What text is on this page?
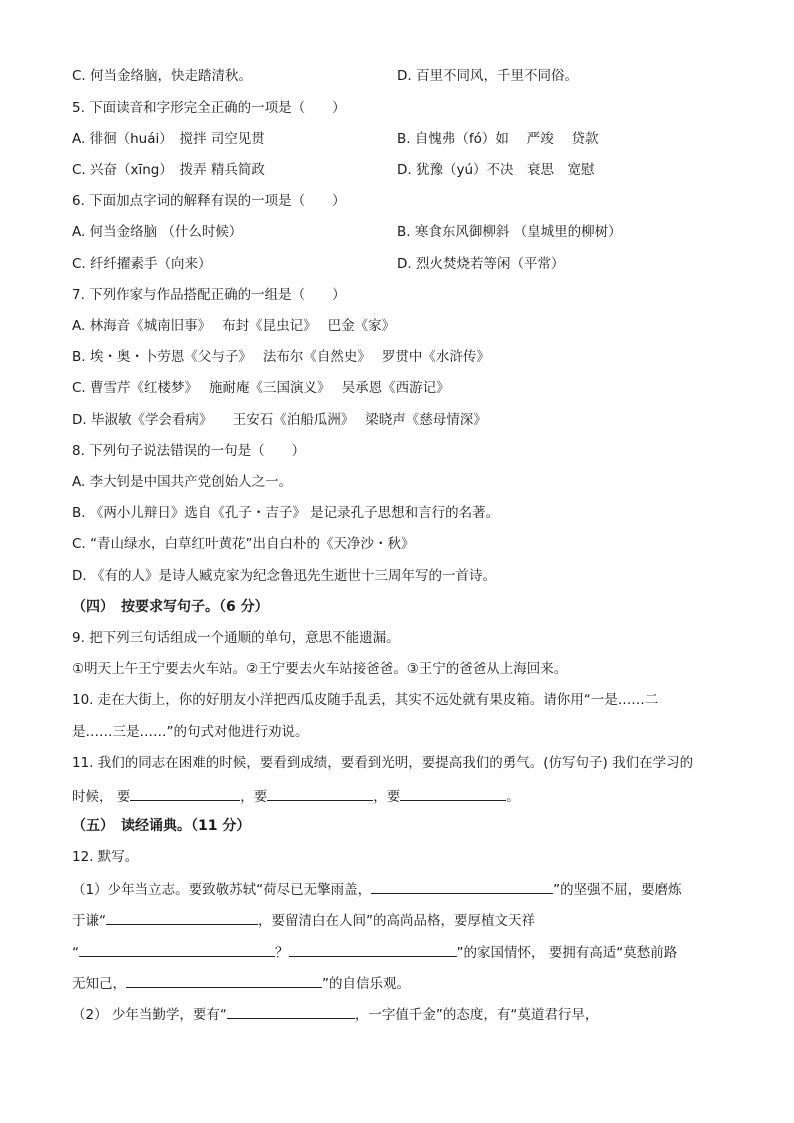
C. 何当金络脑，快走踏清秋。	D. 百里不同风，千里不同俗。
5. 下面读音和字形完全正确的一项是（　　）
A. 徘徊（huái）　搅拌 司空见贯	B. 自愧弗（fó）如　 严竣　 贷款
C. 兴奋（xīng）　拨弄 精兵简政	D. 犹豫（yú）不决　衰思　宽慰
6. 下面加点字词的解释有误的一项是（　　）
A. 何当金络脑 （什么时候）	B. 寒食东风御柳斜 （皇城里的柳树）
C. 纤纤擢素手（向来）	D. 烈火焚烧若等闲（平常）
7. 下列作家与作品搭配正确的一组是（　　）
A. 林海音《城南旧事》　 布封《昆虫记》　 巴金《家》
B. 埃・奥・卜劳恩《父与子》　 法布尔《自然史》　 罗贯中《水浒传》
C. 曹雪芹《红楼梦》　 施耐庵《三国演义》　 吴承恩《西游记》
D. 毕淑敏《学会看病》　　王安石《泊船瓜洲》　 梁晓声《慈母情深》
8. 下列句子说法错误的一句是（　　）
A. 李大钊是中国共产党创始人之一。
B. 《两小儿辩日》选自《孔子・吉子》 是记录孔子思想和言行的名著。
C. “青山绿水，白草红叶黄花”出自白朴的《天净沙・秋》
D. 《有的人》是诗人臧克家为纪念鲁迅先生逝世十三周年写的一首诗。
（四）　按要求写句子。（6 分）
9. 把下列三句话组成一个通顺的单句，意思不能遗漏。
①明天上午王宁要去火车站。②王宁要去火车站接爸爸。③王宁的爸爸从上海回来。
10. 走在大街上，你的好朋友小洋把西瓜皮随手乱丢，其实不远处就有果皮箱。请你用“一是……二
是……三是……”的句式对他进行劝说。
11. 我们的同志在困难的时候，要看到成绩，要看到光明，要提高我们的勇气。(仿写句子) 我们在学习的
时候， 要	，要	，要	。
（五）　读经诵典。（11 分）
12. 默写。
（1）少年当立志。要致敬苏轼“荷尽已无擎雨盖，	”的坚强不屈，要磨炼
于谦“	，要留清白在人间”的高尚品格，要厚植文天祥
“	？	”的家国情怀， 要拥有高适“莫愁前路
无知己，	”的自信乐观。
（2） 少年当勤学，要有“	，一字值千金”的态度，有“莫道君行早，
